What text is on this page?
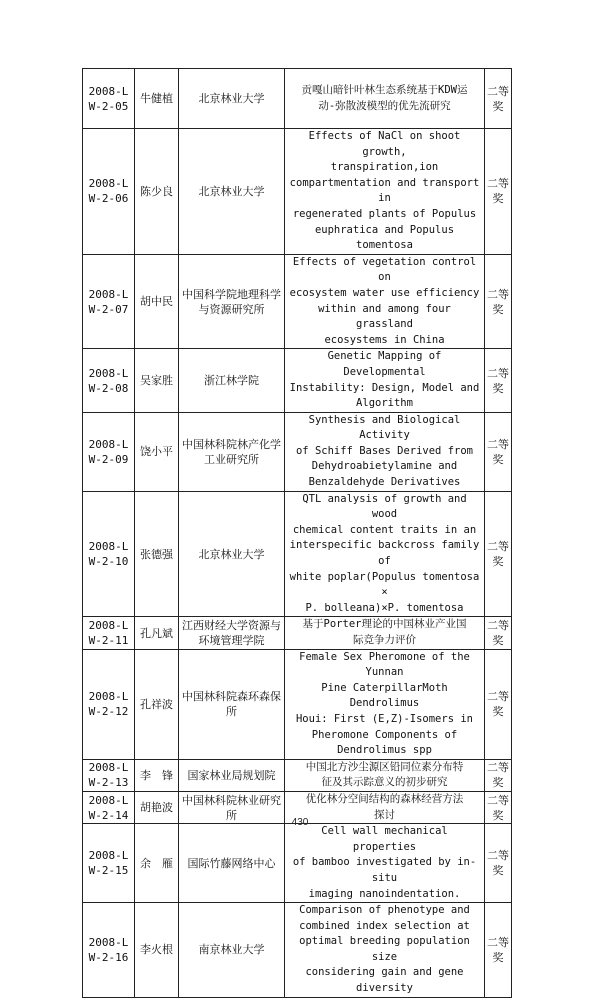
2008-L
W-2-05	牛健植	北京林业大学	贡嘎山暗针叶林生态系统基于KDW运
动-弥散波模型的优先流研究	二等奖

2008-L
W-2-06	陈少良	北京林业大学	Effects of NaCl on shoot growth,
transpiration,ion
compartmentation and transport in
regenerated plants of Populus
euphratica and Populus tomentosa	二等奖

2008-L
W-2-07	胡中民	中国科学院地理科学与资源研究所	Effects of vegetation control on
ecosystem water use efficiency
within and among four grassland
ecosystems in China	二等奖

2008-L
W-2-08	吴家胜	浙江林学院	Genetic Mapping of Developmental
Instability: Design, Model and
Algorithm	二等奖

2008-L
W-2-09	饶小平	中国林科院林产化学工业研究所	Synthesis and Biological Activity
of Schiff Bases Derived from
Dehydroabietylamine and
Benzaldehyde Derivatives	二等奖

2008-L
W-2-10	张德强	北京林业大学	QTL analysis of growth and wood
chemical content traits in an
interspecific backcross family of
white poplar(Populus tomentosa ×
P. bolleana)×P. tomentosa	二等奖

2008-L
W-2-11	孔凡斌	江西财经大学资源与环境管理学院	基于Porter理论的中国林业产业国
际竞争力评价	二等奖

2008-L
W-2-12	孔祥波	中国林科院森环森保所	Female Sex Pheromone of the Yunnan
Pine CaterpillarMoth Dendrolimus
Houi: First (E,Z)-Isomers in
Pheromone Components of
Dendrolimus spp	二等奖

2008-L
W-2-13	李　锋	国家林业局规划院	中国北方沙尘源区铅同位素分布特
征及其示踪意义的初步研究	二等奖

2008-L
W-2-14	胡艳波	中国林科院林业研究所	优化林分空间结构的森林经营方法
探讨	二等奖

2008-L
W-2-15	余　雁	国际竹藤网络中心	Cell wall mechanical properties
of bamboo investigated by in-situ
imaging nanoindentation.	二等奖

2008-L
W-2-16	李火根	南京林业大学	Comparison of phenotype and
combined index selection at
optimal breeding population size
considering gain and gene
diversity	二等奖
430
